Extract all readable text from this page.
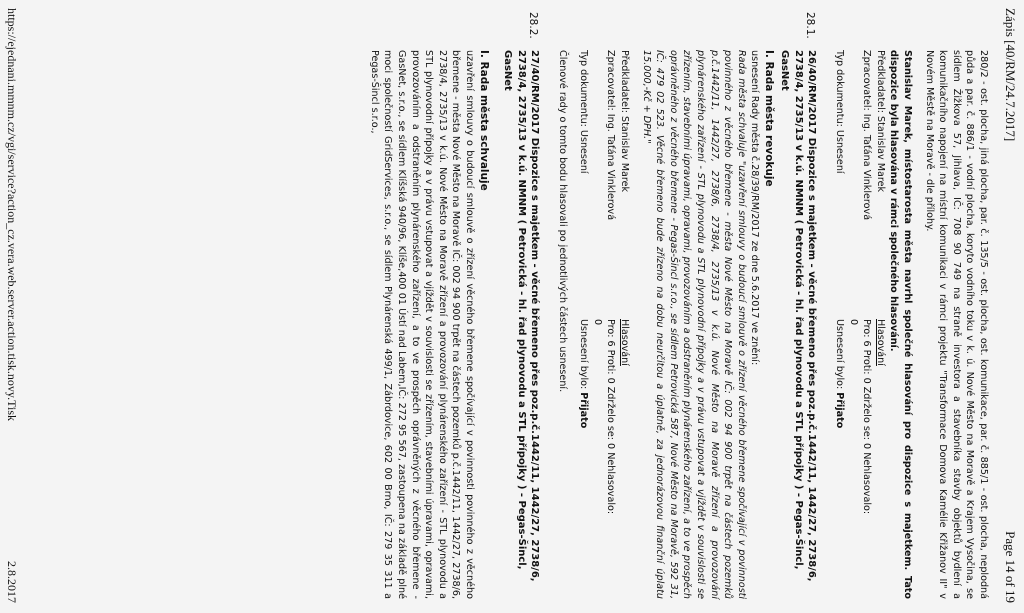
Zápis [40/RM/24.7.2017]
Page 14 of 19

280/2 - ost. plocha, jiná plocha, par. č. 135/5 - ost. plocha, ost. komunikace, par. č. 885/1 - ost. plocha, neplodná půda a par. č. 886/1 - vodní plocha, koryto vodního toku v k. ú. Nové Město na Moravě a Krajem Vysočina, se sídlem Žižkova 57, Jihlava, IČ: 708 90 749 na straně investora a stavebníka stavby objektů bydlení a komunikačního napojení na místní komunikaci v rámci projektu "Transformace Domova Kamélie Křižanov II" v Novém Městě na Moravě - dle přílohy.

Stanislav Marek, místostarosta města navrhl společné hlasování pro dispozice s majetkem. Tato dispozice byla hlasována v rámci společného hlasování.

Předkladatel: Stanislav Marek
Hlasování
Zpracovatel: Ing. Taťána Vinklerová
Pro: 6 Proti: 0 Zdrželo se: 0 Nehlasovalo: 0
Typ dokumentu: Usnesení
Usnesení bylo: Přijato
28.1.

26/40/RM/2017 Dispozice s majetkem - věcné břemeno přes poz.p.č.1442/11, 1442/27, 2738/6, 2738/4, 2735/13 v k.ú. NMNM ( Petrovická - hl. řad plynovodu a STL přípojky ) - Pegas-Šincl, GasNet

I. Rada města revokuje

usnesení Rady města č.28/39/RM/2017 ze dne 5.6.2017 ve znění:

Rada města schvaluje "uzavření smlouvy o budoucí smlouvě o zřízení věcného břemene spočívající v povinnosti povinného z věcného břemene - města Nové Město na Moravě IČ: 002 94 900 trpět na částech pozemků p.č.1442/11, 1442/27, 2738/6, 2738/4, 2735/13 v k.ú. Nové Město na Moravě zřízení a provozování plynárenského zařízení - STL plynovodu a STL plynovodní přípojky a v právu vstupovat a vjíždět v souvislosti se zřízením, stavebními úpravami, opravami, provozováním a odstraněním plynárenského zařízení, a to ve prospěch oprávněného z věcného břemene - Pegas-Šincl s.r.o., se sídlem Petrovická 587, Nové Město na Moravě, 592 31, IČ: 479 02 523. Věcné břemeno bude zřízeno na dobu neurčitou a úplatně, za jednorázovou finanční úplatu 15.000,-Kč + DPH."

Předkladatel: Stanislav Marek
Hlasování
Zpracovatel: Ing. Taťána Vinklerová
Pro: 6 Proti: 0 Zdrželo se: 0 Nehlasovalo: 0
Typ dokumentu: Usnesení
Usnesení bylo: Přijato

Členové rady o tomto bodu hlasovali po jednotlivých částech usnesení.

28.2.

27/40/RM/2017 Dispozice s majetkem - věcné břemeno přes poz.p.č.1442/11, 1442/27, 2738/6, 2738/4, 2735/13 v k.ú. NMNM ( Petrovická - hl. řad plynovodu a STL přípojky ) - Pegas-Šincl, GasNet

I. Rada města schvaluje

uzavření smlouvy o budoucí smlouvě o zřízení věcného břemene spočívající v povinnosti povinného z věcného břemene - města Nové Město na Moravě IČ: 002 94 900 trpět na částech pozemků p.č.1442/11, 1442/27, 2738/6, 2738/4, 2735/13 v k.ú. Nové Město na Moravě zřízení a provozování plynárenského zařízení - STL plynovodu a STL plynovodní přípojky a v právu vstupovat a vjíždět v souvislosti se zřízením, stavebními úpravami, opravami, provozováním a odstraněním plynárenského zařízení, a to ve prospěch oprávněných z věcného břemene - GasNet, s.r.o., se sídlem Klíšská 940/96, Klíše,400 01 Ústí nad Labem,IČ: 272 95 567, zastoupena na základě plné moci společností GridServices, s.r.o., se sídlem Plynárenská 499/1, Zábrdovice, 602 00 Brno, IČ: 279 35 311 a Pegas-Šincl s.r.o.,

https://ejednani.mmnm.cz/vgi/service?action_cz.vera.web.server.action.tisk.novy.Tisk
2.8.2017
